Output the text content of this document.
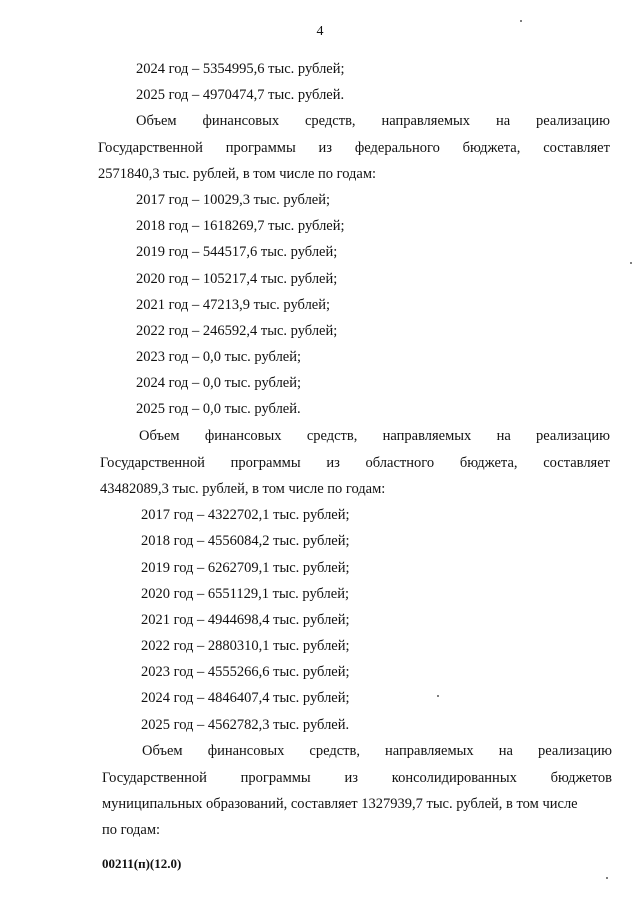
4
2024 год – 5354995,6 тыс. рублей;
2025 год – 4970474,7 тыс. рублей.
Объем финансовых средств, направляемых на реализацию
Государственной программы из федерального бюджета, составляет
2571840,3 тыс. рублей, в том числе по годам:
2017 год – 10029,3 тыс. рублей;
2018 год – 1618269,7 тыс. рублей;
2019 год – 544517,6 тыс. рублей;
2020 год – 105217,4 тыс. рублей;
2021 год – 47213,9 тыс. рублей;
2022 год – 246592,4 тыс. рублей;
2023 год – 0,0 тыс. рублей;
2024 год – 0,0 тыс. рублей;
2025 год – 0,0 тыс. рублей.
Объем финансовых средств, направляемых на реализацию
Государственной программы из областного бюджета, составляет
43482089,3 тыс. рублей, в том числе по годам:
2017 год – 4322702,1 тыс. рублей;
2018 год – 4556084,2 тыс. рублей;
2019 год – 6262709,1 тыс. рублей;
2020 год – 6551129,1 тыс. рублей;
2021 год – 4944698,4 тыс. рублей;
2022 год – 2880310,1 тыс. рублей;
2023 год – 4555266,6 тыс. рублей;
2024 год – 4846407,4 тыс. рублей;
2025 год – 4562782,3 тыс. рублей.
Объем финансовых средств, направляемых на реализацию
Государственной программы из консолидированных бюджетов
муниципальных образований, составляет 1327939,7 тыс. рублей, в том числе
по годам:
00211(п)(12.0)
